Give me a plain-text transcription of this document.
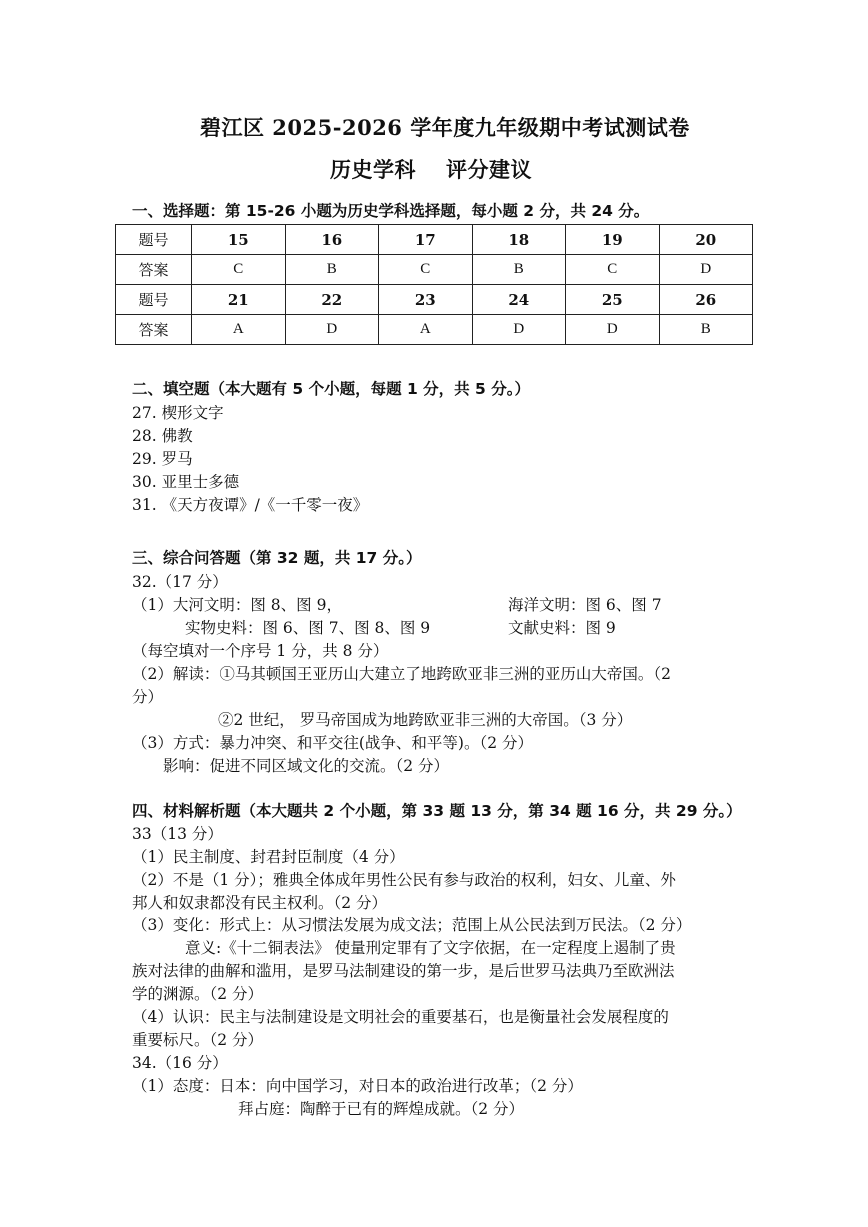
碧江区 2025-2026 学年度九年级期中考试测试卷
历史学科 评分建议
一、选择题：第 15-26 小题为历史学科选择题，每小题 2 分，共 24 分。
题号	15	16	17	18	19	20
答案	C	B	C	B	C	D
题号	21	22	23	24	25	26
答案	A	D	A	D	D	B
二、填空题（本大题有 5 个小题，每题 1 分，共 5 分。）
27. 楔形文字
28. 佛教
29. 罗马
30. 亚里士多德
31. 《天方夜谭》/《一千零一夜》
三、综合问答题（第 32 题，共 17 分。）
32.（17 分）
（1）大河文明：图 8、图 9，	海洋文明：图 6、图 7
实物史料：图 6、图 7、图 8、图 9	文献史料：图 9
（每空填对一个序号 1 分，共 8 分）
（2）解读：①马其顿国王亚历山大建立了地跨欧亚非三洲的亚历山大帝国。（2
分）
②2 世纪， 罗马帝国成为地跨欧亚非三洲的大帝国。（3 分）
（3）方式：暴力冲突、和平交往(战争、和平等)。（2 分）
影响：促进不同区域文化的交流。（2 分）
四、材料解析题（本大题共 2 个小题，第 33 题 13 分，第 34 题 16 分，共 29 分。）
33（13 分）
（1）民主制度、封君封臣制度（4 分）
（2）不是（1 分）；雅典全体成年男性公民有参与政治的权利，妇女、儿童、外
邦人和奴隶都没有民主权利。（2 分）
（3）变化：形式上：从习惯法发展为成文法；范围上从公民法到万民法。（2 分）
意义:《十二铜表法》 使量刑定罪有了文字依据，在一定程度上遏制了贵
族对法律的曲解和滥用，是罗马法制建设的第一步，是后世罗马法典乃至欧洲法
学的渊源。（2 分）
（4）认识：民主与法制建设是文明社会的重要基石，也是衡量社会发展程度的
重要标尺。（2 分）
34.（16 分）
（1）态度：日本：向中国学习，对日本的政治进行改革；（2 分）
拜占庭：陶醉于已有的辉煌成就。（2 分）
